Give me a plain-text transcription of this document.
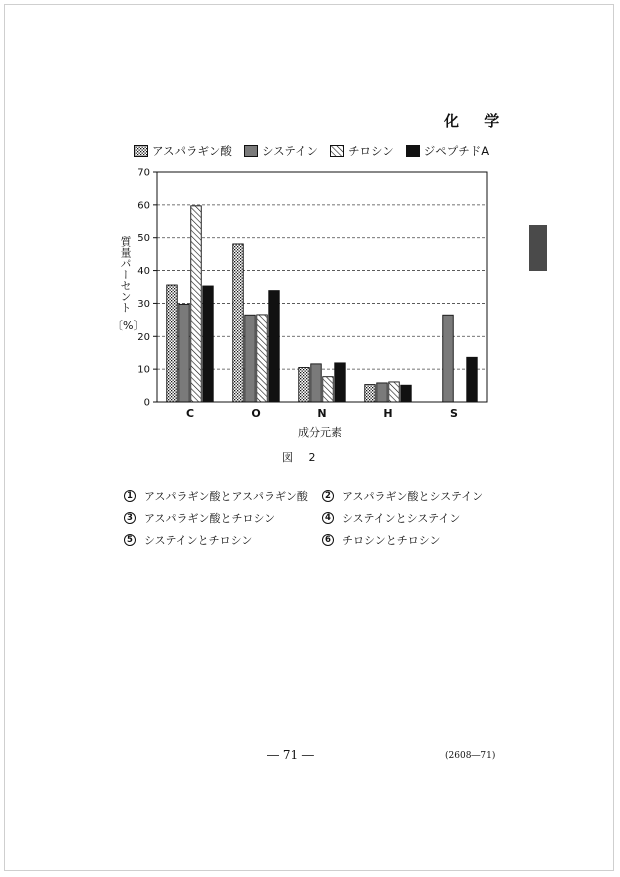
化 学
アスパラギン酸	システイン	チロシン	ジペプチドA
質量パーセント
〔%〕
0
10
20
30
40
50
60
70
C	O	N	H	S
成分元素
図 2
1 アスパラギン酸とアスパラギン酸	2 アスパラギン酸とシステイン
3 アスパラギン酸とチロシン	4 システインとシステイン
5 システインとチロシン	6 チロシンとチロシン
― 71 ―	(2608―71)
